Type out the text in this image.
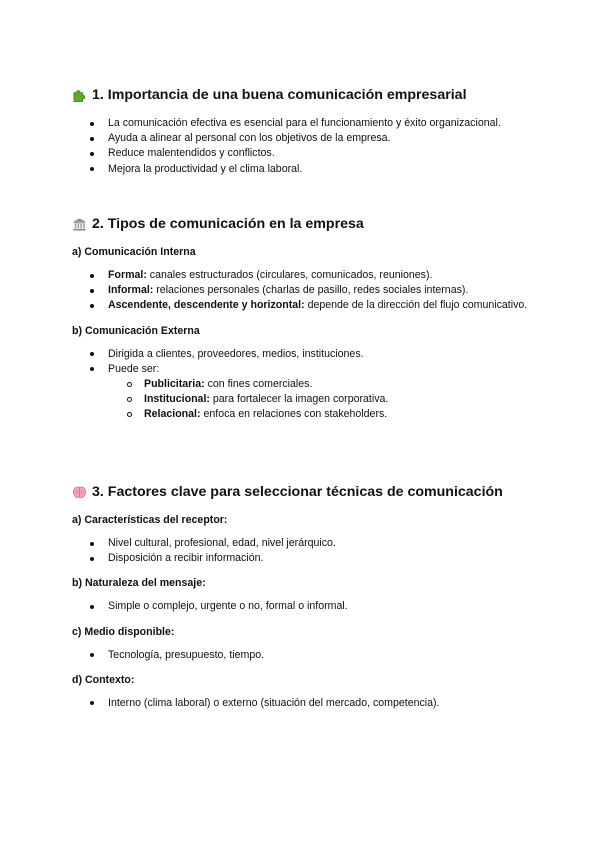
1. Importancia de una buena comunicación empresarial
La comunicación efectiva es esencial para el funcionamiento y éxito organizacional.
Ayuda a alinear al personal con los objetivos de la empresa.
Reduce malentendidos y conflictos.
Mejora la productividad y el clima laboral.
2. Tipos de comunicación en la empresa
a) Comunicación Interna
Formal: canales estructurados (circulares, comunicados, reuniones).
Informal: relaciones personales (charlas de pasillo, redes sociales internas).
Ascendente, descendente y horizontal: depende de la dirección del flujo comunicativo.
b) Comunicación Externa
Dirigida a clientes, proveedores, medios, instituciones.
Puede ser:
Publicitaria: con fines comerciales.
Institucional: para fortalecer la imagen corporativa.
Relacional: enfoca en relaciones con stakeholders.
3. Factores clave para seleccionar técnicas de comunicación
a) Características del receptor:
Nivel cultural, profesional, edad, nivel jerárquico.
Disposición a recibir información.
b) Naturaleza del mensaje:
Simple o complejo, urgente o no, formal o informal.
c) Medio disponible:
Tecnología, presupuesto, tiempo.
d) Contexto:
Interno (clima laboral) o externo (situación del mercado, competencia).
